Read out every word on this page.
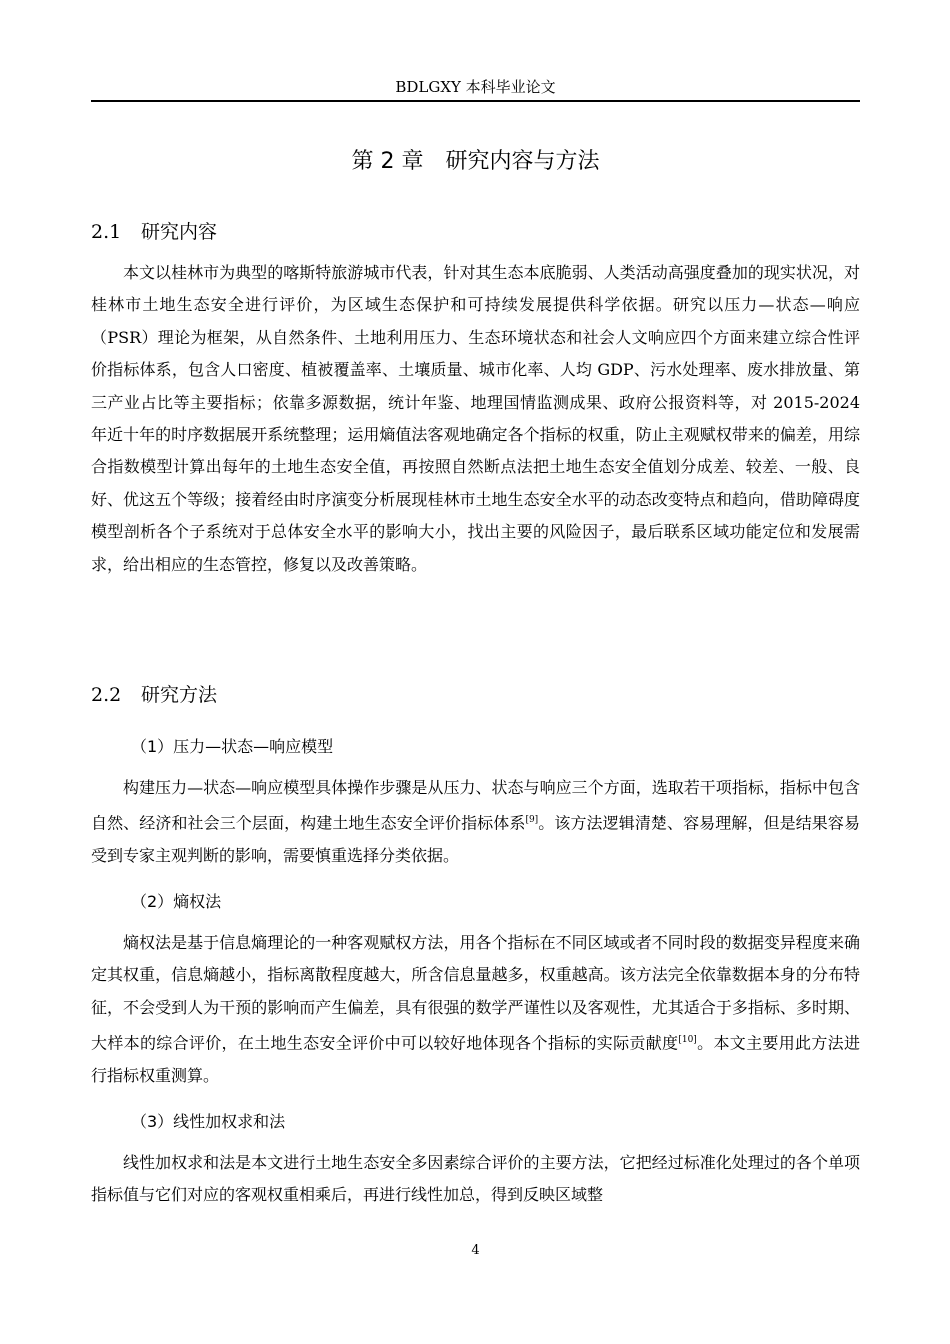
BDLGXY 本科毕业论文
第 2 章　研究内容与方法
2.1 研究内容

本文以桂林市为典型的喀斯特旅游城市代表，针对其生态本底脆弱、人类活动高强度叠加的现实状况，对桂林市土地生态安全进行评价，为区域生态保护和可持续发展提供科学依据。研究以压力—状态—响应（PSR）理论为框架，从自然条件、土地利用压力、生态环境状态和社会人文响应四个方面来建立综合性评价指标体系，包含人口密度、植被覆盖率、土壤质量、城市化率、人均 GDP、污水处理率、废水排放量、第三产业占比等主要指标；依靠多源数据，统计年鉴、地理国情监测成果、政府公报资料等，对 2015-2024 年近十年的时序数据展开系统整理；运用熵值法客观地确定各个指标的权重，防止主观赋权带来的偏差，用综合指数模型计算出每年的土地生态安全值，再按照自然断点法把土地生态安全值划分成差、较差、一般、良好、优这五个等级；接着经由时序演变分析展现桂林市土地生态安全水平的动态改变特点和趋向，借助障碍度模型剖析各个子系统对于总体安全水平的影响大小，找出主要的风险因子，最后联系区域功能定位和发展需求，给出相应的生态管控，修复以及改善策略。

2.2 研究方法
（1）压力—状态—响应模型

构建压力—状态—响应模型具体操作步骤是从压力、状态与响应三个方面，选取若干项指标，指标中包含自然、经济和社会三个层面，构建土地生态安全评价指标体系[9]。该方法逻辑清楚、容易理解，但是结果容易受到专家主观判断的影响，需要慎重选择分类依据。

（2）熵权法

熵权法是基于信息熵理论的一种客观赋权方法，用各个指标在不同区域或者不同时段的数据变异程度来确定其权重，信息熵越小，指标离散程度越大，所含信息量越多，权重越高。该方法完全依靠数据本身的分布特征，不会受到人为干预的影响而产生偏差，具有很强的数学严谨性以及客观性，尤其适合于多指标、多时期、大样本的综合评价，在土地生态安全评价中可以较好地体现各个指标的实际贡献度[10]。本文主要用此方法进行指标权重测算。

（3）线性加权求和法

线性加权求和法是本文进行土地生态安全多因素综合评价的主要方法，它把经过标准化处理过的各个单项指标值与它们对应的客观权重相乘后，再进行线性加总，得到反映区域整

4
